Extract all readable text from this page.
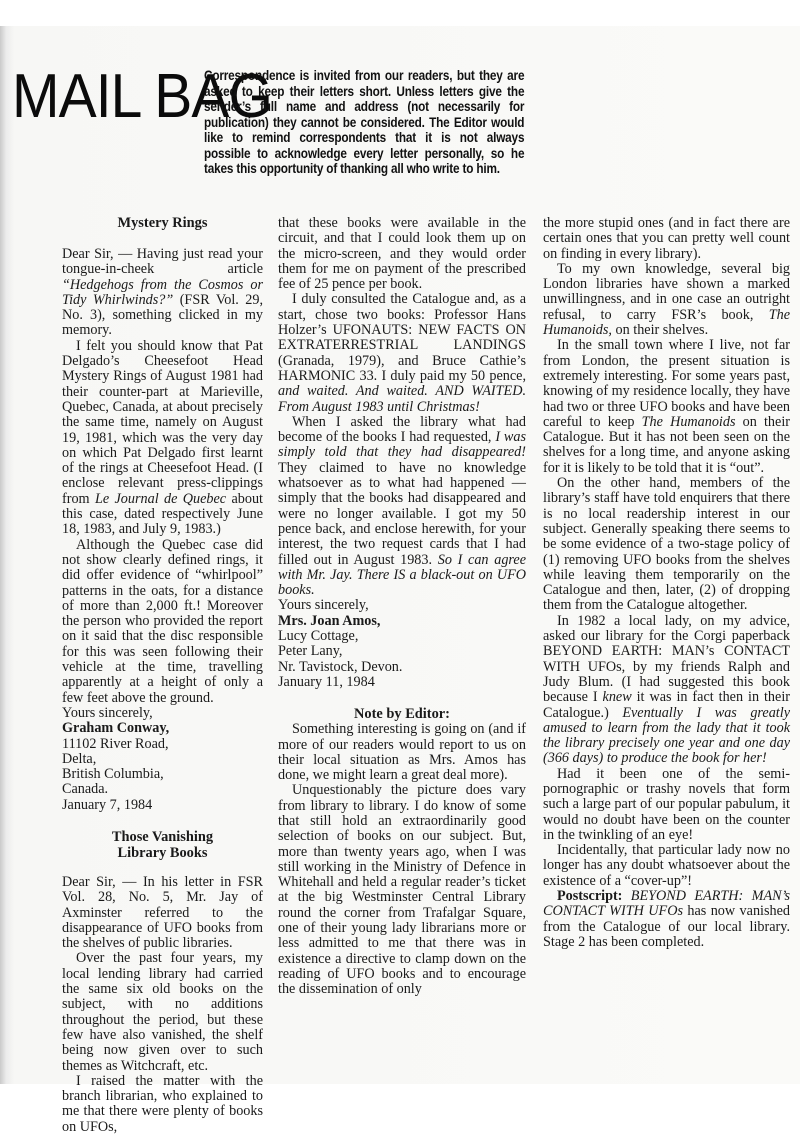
MAIL BAG
Correspondence is invited from our readers, but they are asked to keep their letters short. Unless letters give the sender’s full name and address (not necessarily for publication) they cannot be considered. The Editor would like to remind correspondents that it is not always possible to acknowledge every letter personally, so he takes this opportunity of thanking all who write to him.
Mystery Rings

Dear Sir, — Having just read your tongue-in-cheek article “Hedgehogs from the Cosmos or Tidy Whirlwinds?” (FSR Vol. 29, No. 3), something clicked in my memory.

I felt you should know that Pat Delgado’s Cheesefoot Head Mystery Rings of August 1981 had their counter-part at Marieville, Quebec, Canada, at about precisely the same time, namely on August 19, 1981, which was the very day on which Pat Delgado first learnt of the rings at Cheesefoot Head. (I enclose relevant press-clippings from Le Journal de Quebec about this case, dated respectively June 18, 1983, and July 9, 1983.)

Although the Quebec case did not show clearly defined rings, it did offer evidence of “whirlpool” patterns in the oats, for a distance of more than 2,000 ft.! Moreover the person who provided the report on it said that the disc responsible for this was seen following their vehicle at the time, travelling apparently at a height of only a few feet above the ground.

Yours sincerely,

Graham Conway,

11102 River Road,

Delta,

British Columbia,

Canada.

January 7, 1984

Those Vanishing
Library Books

Dear Sir, — In his letter in FSR Vol. 28, No. 5, Mr. Jay of Axminster referred to the disappearance of UFO books from the shelves of public libraries.

Over the past four years, my local lending library had carried the same six old books on the subject, with no additions throughout the period, but these few have also vanished, the shelf being now given over to such themes as Witchcraft, etc.

I raised the matter with the branch librarian, who explained to me that there were plenty of books on UFOs,

that these books were available in the circuit, and that I could look them up on the micro-screen, and they would order them for me on payment of the prescribed fee of 25 pence per book.

I duly consulted the Catalogue and, as a start, chose two books: Professor Hans Holzer’s UFONAUTS: NEW FACTS ON EXTRATERRESTRIAL LANDINGS (Granada, 1979), and Bruce Cathie’s HARMONIC 33. I duly paid my 50 pence, and waited. And waited. AND WAITED. From August 1983 until Christmas!

When I asked the library what had become of the books I had requested, I was simply told that they had disappeared! They claimed to have no knowledge whatsoever as to what had happened — simply that the books had disappeared and were no longer available. I got my 50 pence back, and enclose herewith, for your interest, the two request cards that I had filled out in August 1983. So I can agree with Mr. Jay. There IS a black-out on UFO books.

Yours sincerely,

Mrs. Joan Amos,

Lucy Cottage,

Peter Lany,

Nr. Tavistock, Devon.

January 11, 1984

Note by Editor:

Something interesting is going on (and if more of our readers would report to us on their local situation as Mrs. Amos has done, we might learn a great deal more).

Unquestionably the picture does vary from library to library. I do know of some that still hold an extraordinarily good selection of books on our subject. But, more than twenty years ago, when I was still working in the Ministry of Defence in Whitehall and held a regular reader’s ticket at the big Westminster Central Library round the corner from Trafalgar Square, one of their young lady librarians more or less admitted to me that there was in existence a directive to clamp down on the reading of UFO books and to encourage the dissemination of only

the more stupid ones (and in fact there are certain ones that you can pretty well count on finding in every library).

To my own knowledge, several big London libraries have shown a marked unwillingness, and in one case an outright refusal, to carry FSR’s book, The Humanoids, on their shelves.

In the small town where I live, not far from London, the present situation is extremely interesting. For some years past, knowing of my residence locally, they have had two or three UFO books and have been careful to keep The Humanoids on their Catalogue. But it has not been seen on the shelves for a long time, and anyone asking for it is likely to be told that it is “out”.

On the other hand, members of the library’s staff have told enquirers that there is no local readership interest in our subject. Generally speaking there seems to be some evidence of a two-stage policy of (1) removing UFO books from the shelves while leaving them temporarily on the Catalogue and then, later, (2) of dropping them from the Catalogue altogether.

In 1982 a local lady, on my advice, asked our library for the Corgi paperback BEYOND EARTH: MAN’s CONTACT WITH UFOs, by my friends Ralph and Judy Blum. (I had suggested this book because I knew it was in fact then in their Catalogue.) Eventually I was greatly amused to learn from the lady that it took the library precisely one year and one day (366 days) to produce the book for her!

Had it been one of the semi-pornographic or trashy novels that form such a large part of our popular pabulum, it would no doubt have been on the counter in the twinkling of an eye!

Incidentally, that particular lady now no longer has any doubt whatsoever about the existence of a “cover-up”!

Postscript: BEYOND EARTH: MAN’s CONTACT WITH UFOs has now vanished from the Catalogue of our local library. Stage 2 has been completed.
